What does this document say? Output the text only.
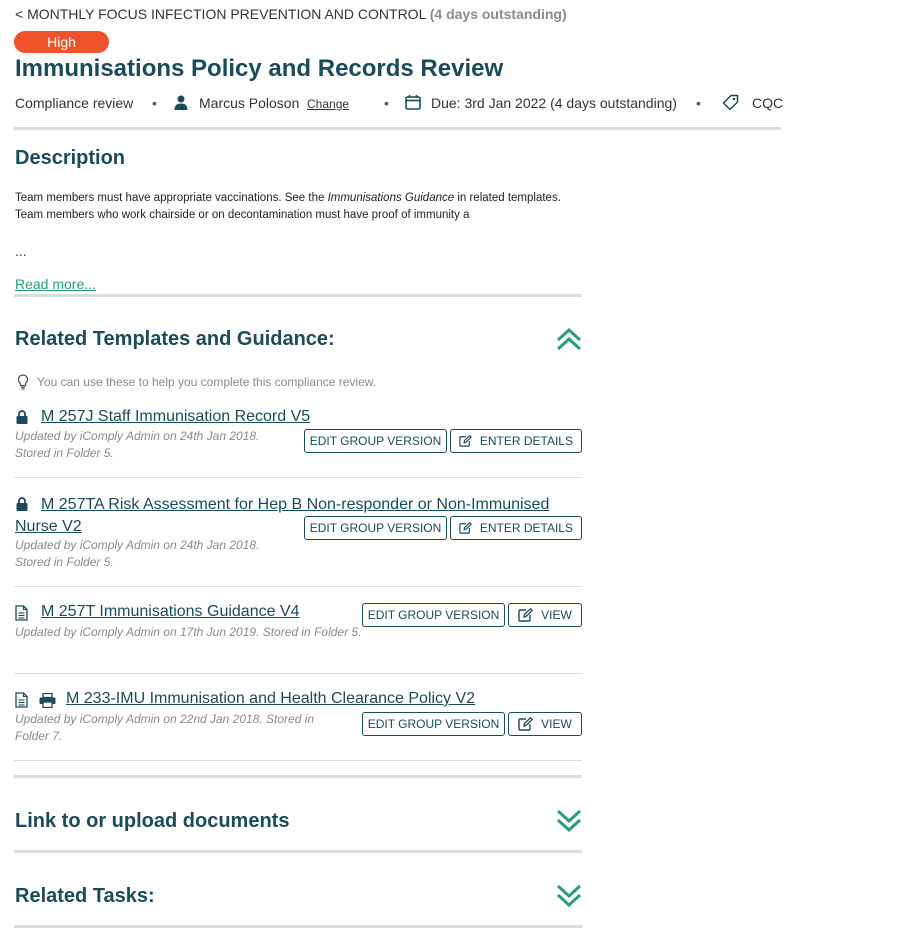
< MONTHLY FOCUS INFECTION PREVENTION AND CONTROL (4 days outstanding)
High
Immunisations Policy and Records Review
Compliance review •	Marcus Poloson Change •	Due: 3rd Jan 2022 (4 days outstanding) •	CQC
Description
Team members must have appropriate vaccinations. See the Immunisations Guidance in related templates. Team members who work chairside or on decontamination must have proof of immunity a
...
Read more...
Related Templates and Guidance:
You can use these to help you complete this compliance review.
M 257J Staff Immunisation Record V5
Updated by iComply Admin on 24th Jan 2018. Stored in Folder 5.
EDIT GROUP VERSION	ENTER DETAILS
M 257TA Risk Assessment for Hep B Non-responder or Non-Immunised Nurse V2
Updated by iComply Admin on 24th Jan 2018. Stored in Folder 5.
EDIT GROUP VERSION	ENTER DETAILS
M 257T Immunisations Guidance V4
Updated by iComply Admin on 17th Jun 2019. Stored in Folder 5.
EDIT GROUP VERSION	VIEW
M 233-IMU Immunisation and Health Clearance Policy V2
Updated by iComply Admin on 22nd Jan 2018. Stored in Folder 7.
EDIT GROUP VERSION	VIEW
Link to or upload documents
Related Tasks:
